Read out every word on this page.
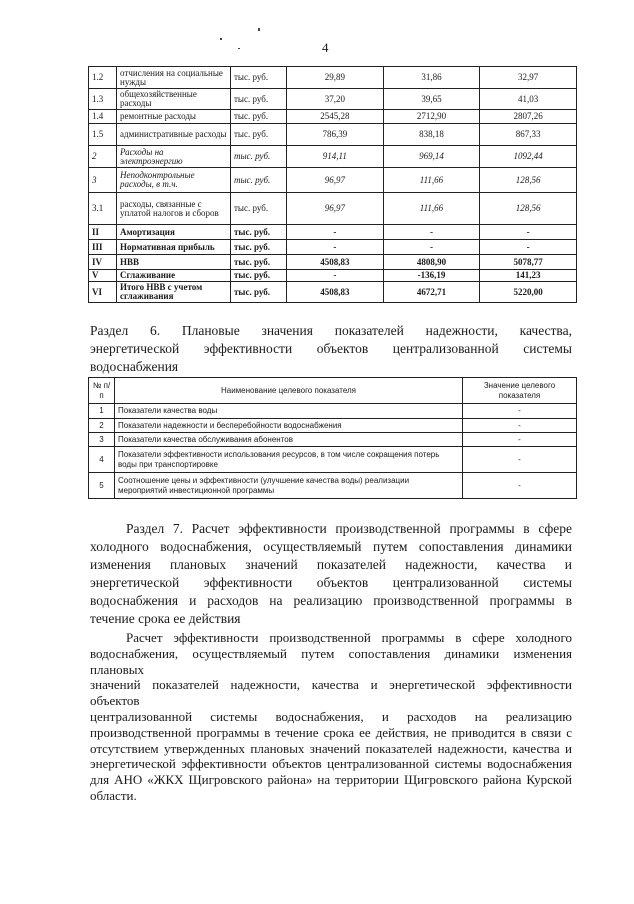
4
1.2	отчисления на социальные нужды	тыс. руб.	29,89	31,86	32,97
1.3	общехозяйственные расходы	тыс. руб.	37,20	39,65	41,03
1.4	ремонтные расходы	тыс. руб.	2545,28	2712,90	2807,26
1.5	административные расходы	тыс. руб.	786,39	838,18	867,33
2	Расходы на электроэнергию	тыс. руб.	914,11	969,14	1092,44
3	Неподконтрольные расходы, в т.ч.	тыс. руб.	96,97	111,66	128,56
3.1	расходы, связанные с уплатой налогов и сборов	тыс. руб.	96,97	111,66	128,56
II	Амортизация	тыс. руб.	-	-	-
III	Нормативная прибыль	тыс. руб.	-	-	-
IV	НВВ	тыс. руб.	4508,83	4808,90	5078,77
V	Сглаживание	тыс. руб.	-	-136,19	141,23
VI	Итого НВВ с учетом сглаживания	тыс. руб.	4508,83	4672,71	5220,00
Раздел 6. Плановые значения показателей надежности, качества,
энергетической эффективности объектов централизованной системы
водоснабжения
№ п/п	Наименование целевого показателя	Значение целевого показателя
1	Показатели качества воды	-
2	Показатели надежности и бесперебойности водоснабжения	-
3	Показатели качества обслуживания абонентов	-
4	Показатели эффективности использования ресурсов, в том числе сокращения потерь воды при транспортировке	-
5	Соотношение цены и эффективности (улучшение качества воды) реализации мероприятий инвестиционной программы	-
Раздел 7. Расчет эффективности производственной программы в сфере
холодного водоснабжения, осуществляемый путем сопоставления динамики
изменения плановых значений показателей надежности, качества и
энергетической эффективности объектов централизованной системы
водоснабжения и расходов на реализацию производственной программы в
течение срока ее действия
Расчет эффективности производственной программы в сфере холодного
водоснабжения, осуществляемый путем сопоставления динамики изменения плановых
значений показателей надежности, качества и энергетической эффективности объектов
централизованной системы водоснабжения, и расходов на реализацию
производственной программы в течение срока ее действия, не приводится в связи с
отсутствием утвержденных плановых значений показателей надежности, качества и
энергетической эффективности объектов централизованной системы водоснабжения
для АНО «ЖКХ Щигровского района» на территории Щигровского района Курской
области.
